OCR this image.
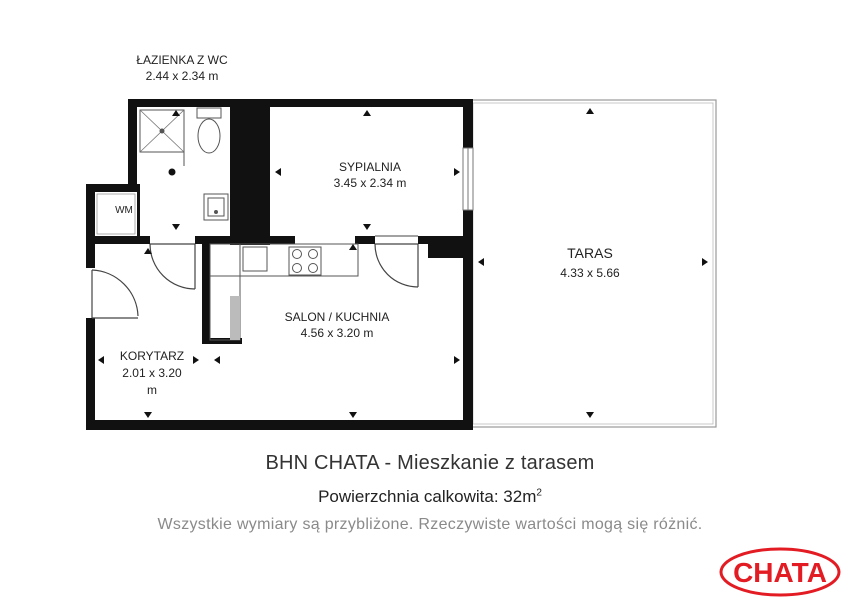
ŁAZIENKA Z WC
2.44 x 2.34 m
SYPIALNIA
3.45 x 2.34 m
TARAS
4.33 x 5.66
SALON / KUCHNIA
4.56 x 3.20 m
KORYTARZ
2.01 x 3.20
m
WM
BHN CHATA - Mieszkanie z tarasem
Powierzchnia calkowita: $32m^2$
Wszystkie wymiary są przybliżone. Rzeczywiste wartości mogą się różnić.
CHATA
